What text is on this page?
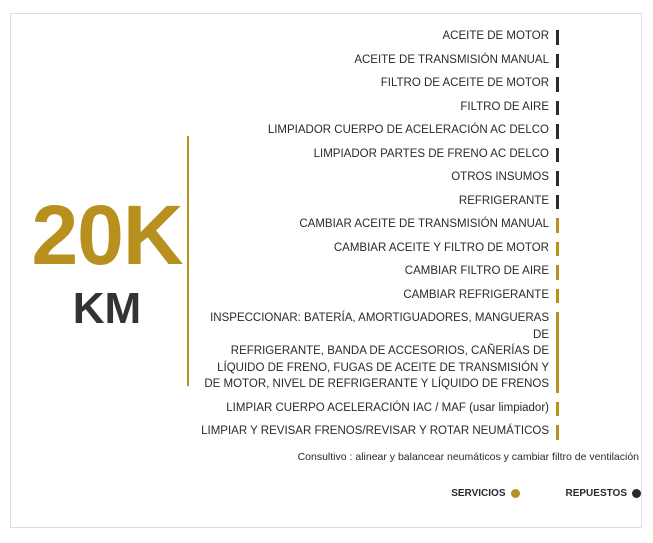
20K
KM
ACEITE DE MOTOR
ACEITE DE TRANSMISIÓN MANUAL
FILTRO DE ACEITE DE MOTOR
FILTRO DE AIRE
LIMPIADOR CUERPO DE ACELERACIÓN AC DELCO
LIMPIADOR PARTES DE FRENO AC DELCO
OTROS INSUMOS
REFRIGERANTE
CAMBIAR ACEITE DE TRANSMISIÓN MANUAL
CAMBIAR ACEITE Y FILTRO DE MOTOR
CAMBIAR FILTRO DE AIRE
CAMBIAR REFRIGERANTE
INSPECCIONAR: BATERÍA, AMORTIGUADORES, MANGUERAS DE
REFRIGERANTE, BANDA DE ACCESORIOS, CAÑERÍAS DE
LÍQUIDO DE FRENO, FUGAS DE ACEITE DE TRANSMISIÓN Y
DE MOTOR, NIVEL DE REFRIGERANTE Y LÍQUIDO DE FRENOS
LIMPIAR CUERPO ACELERACIÓN IAC / MAF (usar limpiador)
LIMPIAR Y REVISAR FRENOS/REVISAR Y ROTAR NEUMÁTICOS
Consultivo : alinear y balancear neumáticos y cambiar filtro de ventilación
SERVICIOS	REPUESTOS
